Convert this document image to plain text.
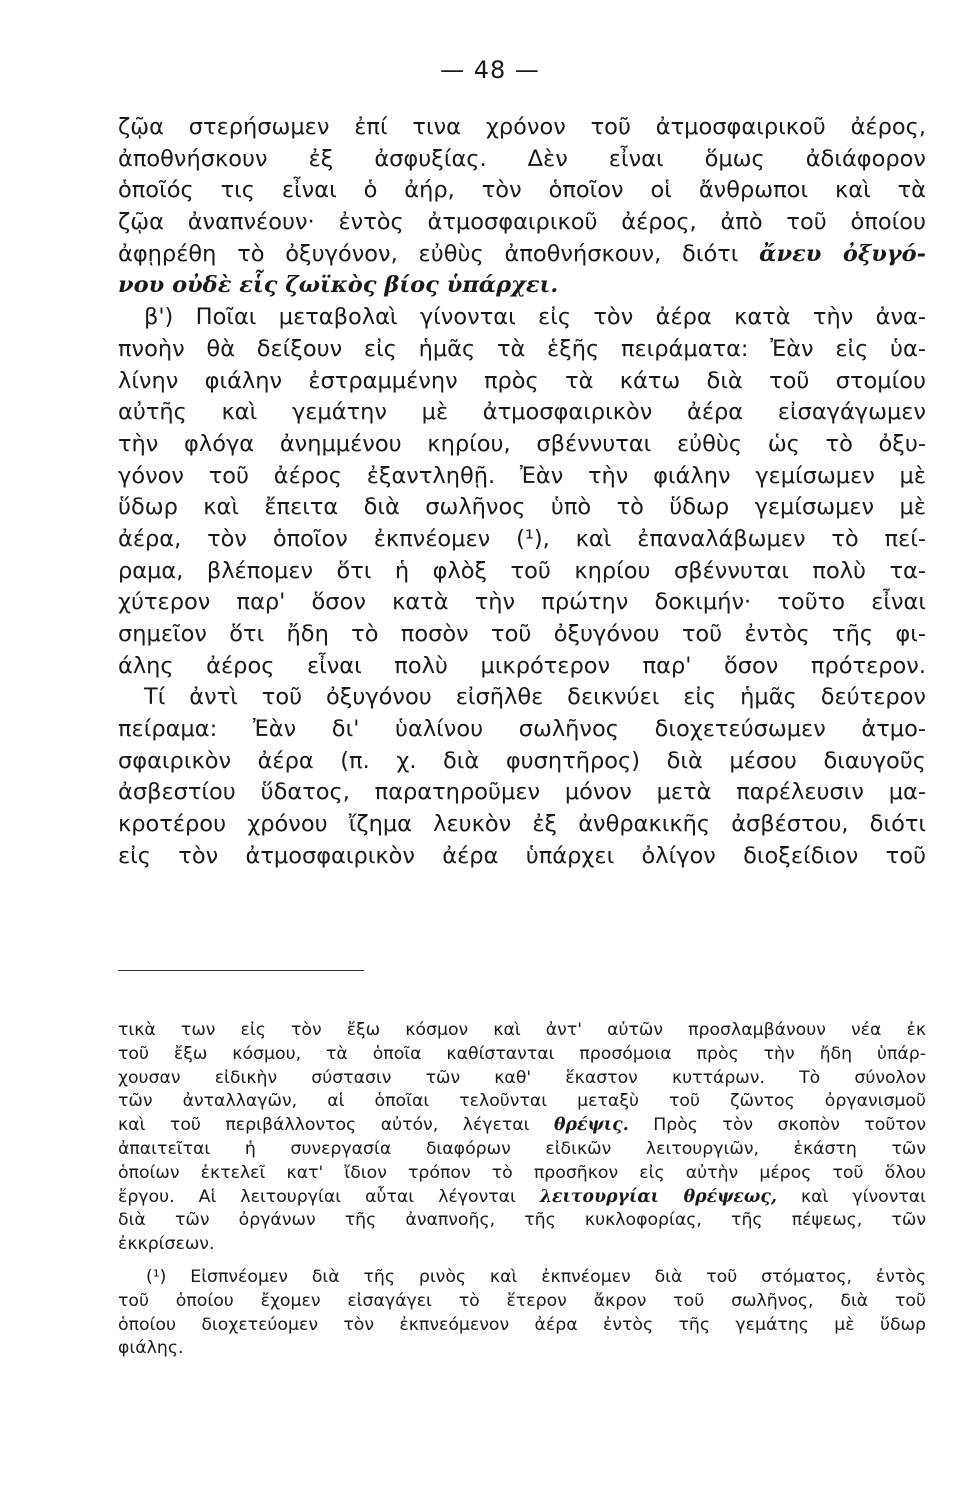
— 48 —
ζῷα στερήσωμεν ἐπί τινα χρόνον τοῦ ἀτμοσφαιρικοῦ ἀέρος,
ἀποθνήσκουν ἐξ ἀσφυξίας. Δὲν εἶναι ὅμως ἀδιάφορον
ὁποῖός τις εἶναι ὁ ἀήρ, τὸν ὁποῖον οἱ ἄνθρωποι καὶ τὰ
ζῷα ἀναπνέουν· ἐντὸς ἀτμοσφαιρικοῦ ἀέρος, ἀπὸ τοῦ ὁποίου
ἀφῃρέθη τὸ ὀξυγόνον, εὐθὺς ἀποθνήσκουν, διότι ἄνευ ὀξυγό-
νου οὐδὲ εἷς ζωϊκὸς βίος ὑπάρχει.
β') Ποῖαι μεταβολαὶ γίνονται εἰς τὸν ἀέρα κατὰ τὴν ἀνα-
πνοὴν θὰ δείξουν εἰς ἡμᾶς τὰ ἑξῆς πειράματα: Ἐὰν εἰς ὑα-
λίνην φιάλην ἐστραμμένην πρὸς τὰ κάτω διὰ τοῦ στομίου
αὐτῆς καὶ γεμάτην μὲ ἀτμοσφαιρικὸν ἀέρα εἰσαγάγωμεν
τὴν φλόγα ἀνημμένου κηρίου, σβέννυται εὐθὺς ὡς τὸ ὀξυ-
γόνον τοῦ ἀέρος ἐξαντληθῇ. Ἐὰν τὴν φιάλην γεμίσωμεν μὲ
ὕδωρ καὶ ἔπειτα διὰ σωλῆνος ὑπὸ τὸ ὕδωρ γεμίσωμεν μὲ
ἀέρα, τὸν ὁποῖον ἐκπνέομεν (¹), καὶ ἐπαναλάβωμεν τὸ πεί-
ραμα, βλέπομεν ὅτι ἡ φλὸξ τοῦ κηρίου σβέννυται πολὺ τα-
χύτερον παρ' ὅσον κατὰ τὴν πρώτην δοκιμήν· τοῦτο εἶναι
σημεῖον ὅτι ἤδη τὸ ποσὸν τοῦ ὀξυγόνου τοῦ ἐντὸς τῆς φι-
άλης ἀέρος εἶναι πολὺ μικρότερον παρ' ὅσον πρότερον.
Τί ἀντὶ τοῦ ὀξυγόνου εἰσῆλθε δεικνύει εἰς ἡμᾶς δεύτερον
πείραμα: Ἐὰν δι' ὑαλίνου σωλῆνος διοχετεύσωμεν ἀτμο-
σφαιρικὸν ἀέρα (π. χ. διὰ φυσητῆρος) διὰ μέσου διαυγοῦς
ἀσβεστίου ὕδατος, παρατηροῦμεν μόνον μετὰ παρέλευσιν μα-
κροτέρου χρόνου ἴζημα λευκὸν ἐξ ἀνθρακικῆς ἀσβέστου, διότι
εἰς τὸν ἀτμοσφαιρικὸν ἀέρα ὑπάρχει ὀλίγον διοξείδιον τοῦ
τικὰ των εἰς τὸν ἔξω κόσμον καὶ ἀντ' αὐτῶν προσλαμβάνουν νέα ἐκ
τοῦ ἔξω κόσμου, τὰ ὁποῖα καθίστανται προσόμοια πρὸς τὴν ἤδη ὑπάρ-
χουσαν εἰδικὴν σύστασιν τῶν καθ' ἕκαστον κυττάρων. Τὸ σύνολον
τῶν ἀνταλλαγῶν, αἱ ὁποῖαι τελοῦνται μεταξὺ τοῦ ζῶντος ὀργανισμοῦ
καὶ τοῦ περιβάλλοντος αὐτόν, λέγεται θρέψις. Πρὸς τὸν σκοπὸν τοῦτον
ἀπαιτεῖται ἡ συνεργασία διαφόρων εἰδικῶν λειτουργιῶν, ἑκάστη τῶν
ὁποίων ἐκτελεῖ κατ' ἴδιον τρόπον τὸ προσῆκον εἰς αὐτὴν μέρος τοῦ ὅλου
ἔργου. Αἱ λειτουργίαι αὗται λέγονται λειτουργίαι θρέψεως, καὶ γίνονται
διὰ τῶν ὀργάνων τῆς ἀναπνοῆς, τῆς κυκλοφορίας, τῆς πέψεως, τῶν
ἐκκρίσεων.
(¹) Εἰσπνέομεν διὰ τῆς ρινὸς καὶ ἐκπνέομεν διὰ τοῦ στόματος, ἐντὸς
τοῦ ὁποίου ἔχομεν εἰσαγάγει τὸ ἕτερον ἄκρον τοῦ σωλῆνος, διὰ τοῦ
ὁποίου διοχετεύομεν τὸν ἐκπνεόμενον ἀέρα ἐντὸς τῆς γεμάτης μὲ ὕδωρ
φιάλης.
